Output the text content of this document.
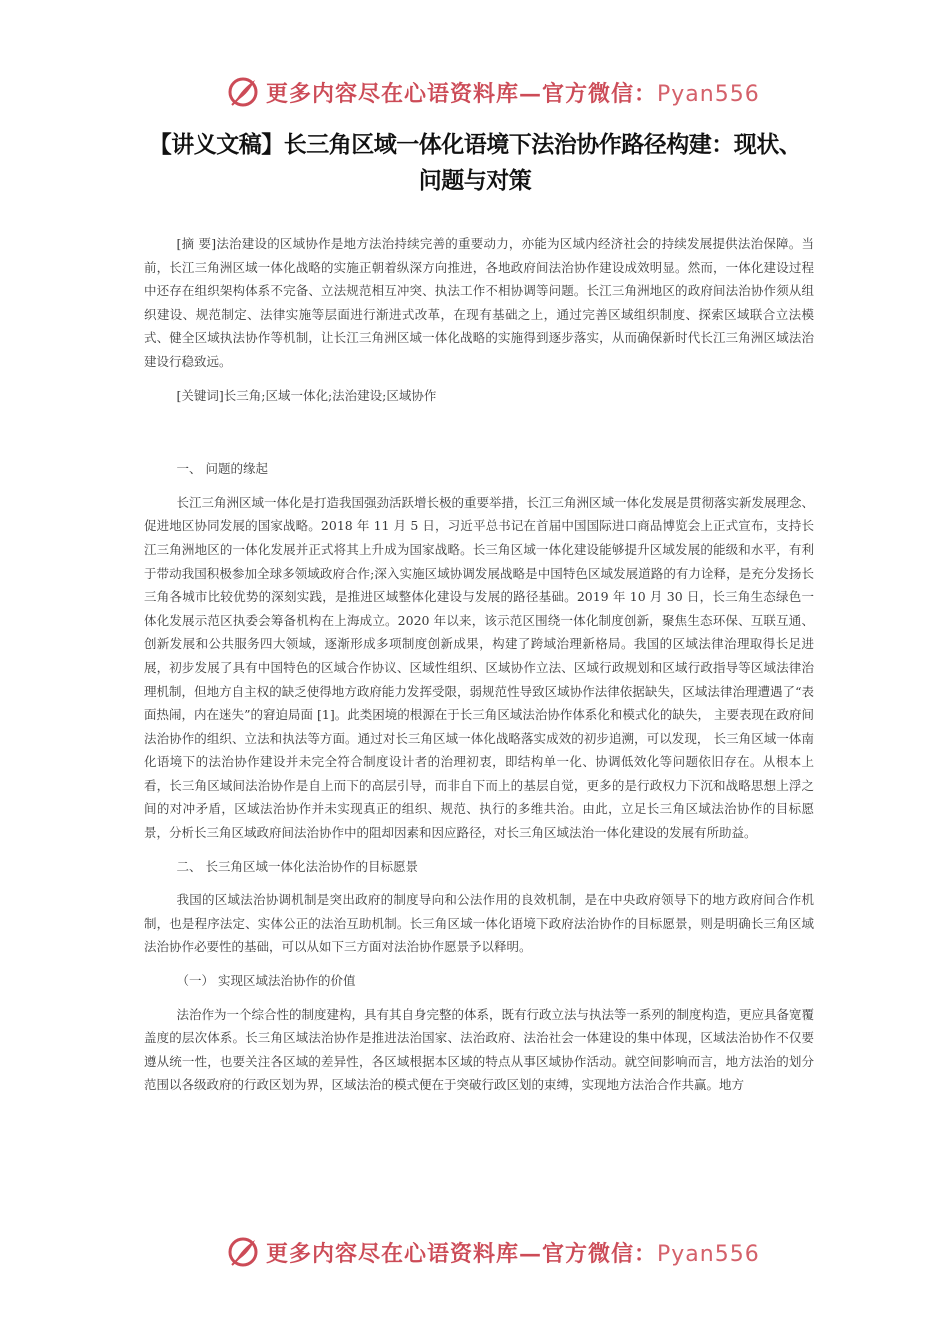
更多内容尽在心语资料库—官方微信：Pyan556
【讲义文稿】长三角区域一体化语境下法治协作路径构建：现状、问题与对策

[摘 要]法治建设的区域协作是地方法治持续完善的重要动力，亦能为区域内经济社会的持续发展提供法治保障。当前，长江三角洲区域一体化战略的实施正朝着纵深方向推进，各地政府间法治协作建设成效明显。然而，一体化建设过程中还存在组织架构体系不完备、立法规范相互冲突、执法工作不相协调等问题。长江三角洲地区的政府间法治协作须从组织建设、规范制定、法律实施等层面进行渐进式改革，在现有基础之上，通过完善区域组织制度、探索区域联合立法模式、健全区域执法协作等机制，让长江三角洲区域一体化战略的实施得到逐步落实，从而确保新时代长江三角洲区域法治建设行稳致远。

[关键词]长三角;区域一体化;法治建设;区域协作

一、 问题的缘起

长江三角洲区域一体化是打造我国强劲活跃增长极的重要举措，长江三角洲区域一体化发展是贯彻落实新发展理念、促进地区协同发展的国家战略。2018 年 11 月 5 日，习近平总书记在首届中国国际进口商品博览会上正式宣布，支持长江三角洲地区的一体化发展并正式将其上升成为国家战略。长三角区域一体化建设能够提升区域发展的能级和水平，有利于带动我国积极参加全球多领域政府合作;深入实施区域协调发展战略是中国特色区域发展道路的有力诠释，是充分发扬长三角各城市比较优势的深刻实践，是推进区域整体化建设与发展的路径基础。2019 年 10 月 30 日，长三角生态绿色一体化发展示范区执委会筹备机构在上海成立。2020 年以来，该示范区围绕一体化制度创新，聚焦生态环保、互联互通、创新发展和公共服务四大领域，逐渐形成多项制度创新成果，构建了跨域治理新格局。我国的区域法律治理取得长足进展，初步发展了具有中国特色的区域合作协议、区域性组织、区域协作立法、区域行政规划和区域行政指导等区域法律治理机制，但地方自主权的缺乏使得地方政府能力发挥受限，弱规范性导致区域协作法律依据缺失，区域法律治理遭遇了“表面热闹，内在迷失”的窘迫局面 [1]。此类困境的根源在于长三角区域法治协作体系化和模式化的缺失， 主要表现在政府间法治协作的组织、立法和执法等方面。通过对长三角区域一体化战略落实成效的初步追溯，可以发现， 长三角区域一体南化语境下的法治协作建设并未完全符合制度设计者的治理初衷，即结构单一化、协调低效化等问题依旧存在。从根本上看，长三角区域间法治协作是自上而下的高层引导，而非自下而上的基层自觉，更多的是行政权力下沉和战略思想上浮之间的对冲矛盾，区域法治协作并未实现真正的组织、规范、执行的多维共治。由此，立足长三角区域法治协作的目标愿景，分析长三角区域政府间法治协作中的阻却因素和因应路径，对长三角区域法治一体化建设的发展有所助益。

二、 长三角区域一体化法治协作的目标愿景

我国的区域法治协调机制是突出政府的制度导向和公法作用的良效机制，是在中央政府领导下的地方政府间合作机制，也是程序法定、实体公正的法治互助机制。长三角区域一体化语境下政府法治协作的目标愿景，则是明确长三角区域法治协作必要性的基础，可以从如下三方面对法治协作愿景予以释明。

（一） 实现区域法治协作的价值

法治作为一个综合性的制度建构，具有其自身完整的体系，既有行政立法与执法等一系列的制度构造，更应具备宽覆盖度的层次体系。长三角区域法治协作是推进法治国家、法治政府、法治社会一体建设的集中体现，区域法治协作不仅要遵从统一性，也要关注各区域的差异性，各区域根据本区域的特点从事区域协作活动。就空间影响而言，地方法治的划分范围以各级政府的行政区划为界，区域法治的模式便在于突破行政区划的束缚，实现地方法治合作共赢。地方

更多内容尽在心语资料库—官方微信：Pyan556
